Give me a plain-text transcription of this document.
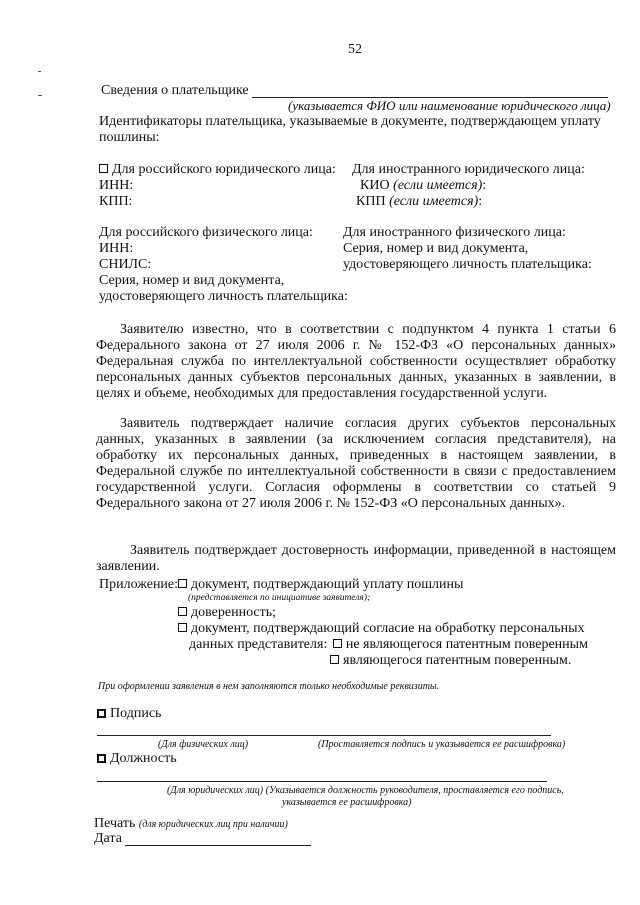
52
Сведения о плательщике
(указывается ФИО или наименование юридического лица)
Идентификаторы плательщика, указываемые в документе, подтверждающем уплату
пошлины:
Для российского юридического лица:
ИНН:
КПП:
Для иностранного юридического лица:
КИО (если имеется):
КПП (если имеется):
Для российского физического лица:
ИНН:
СНИЛС:
Серия, номер и вид документа,
удостоверяющего личность плательщика:
Для иностранного физического лица:
Серия, номер и вид документа,
удостоверяющего личность плательщика:

Заявителю известно, что в соответствии с подпунктом 4 пункта 1 статьи 6 Федерального закона от 27 июля 2006 г. № 152-ФЗ «О персональных данных» Федеральная служба по интеллектуальной собственности осуществляет обработку персональных данных субъектов персональных данных, указанных в заявлении, в целях и объеме, необходимых для предоставления государственной услуги.

Заявитель подтверждает наличие согласия других субъектов персональных данных, указанных в заявлении (за исключением согласия представителя), на обработку их персональных данных, приведенных в настоящем заявлении, в Федеральной службе по интеллектуальной собственности в связи с предоставлением государственной услуги. Согласия оформлены в соответствии со статьей 9 Федерального закона от 27 июля 2006 г. № 152-ФЗ «О персональных данных».

Заявитель подтверждает достоверность информации, приведенной в настоящем заявлении.

Приложение: документ, подтверждающий уплату пошлины
(представляется по инициативе заявителя);
доверенность;
документ, подтверждающий согласие на обработку персональных
данных представителя: не являющегося патентным поверенным
являющегося патентным поверенным.
При оформлении заявления в нем заполняются только необходимые реквизиты.
Подпись
(Для физических лиц)	(Проставляется подпись и указывается ее расшифровка)
Должность
(Для юридических лиц) (Указывается должность руководителя, проставляется его подпись,
указывается ее расшифровка)
Печать (для юридических лиц при наличии)
Дата
